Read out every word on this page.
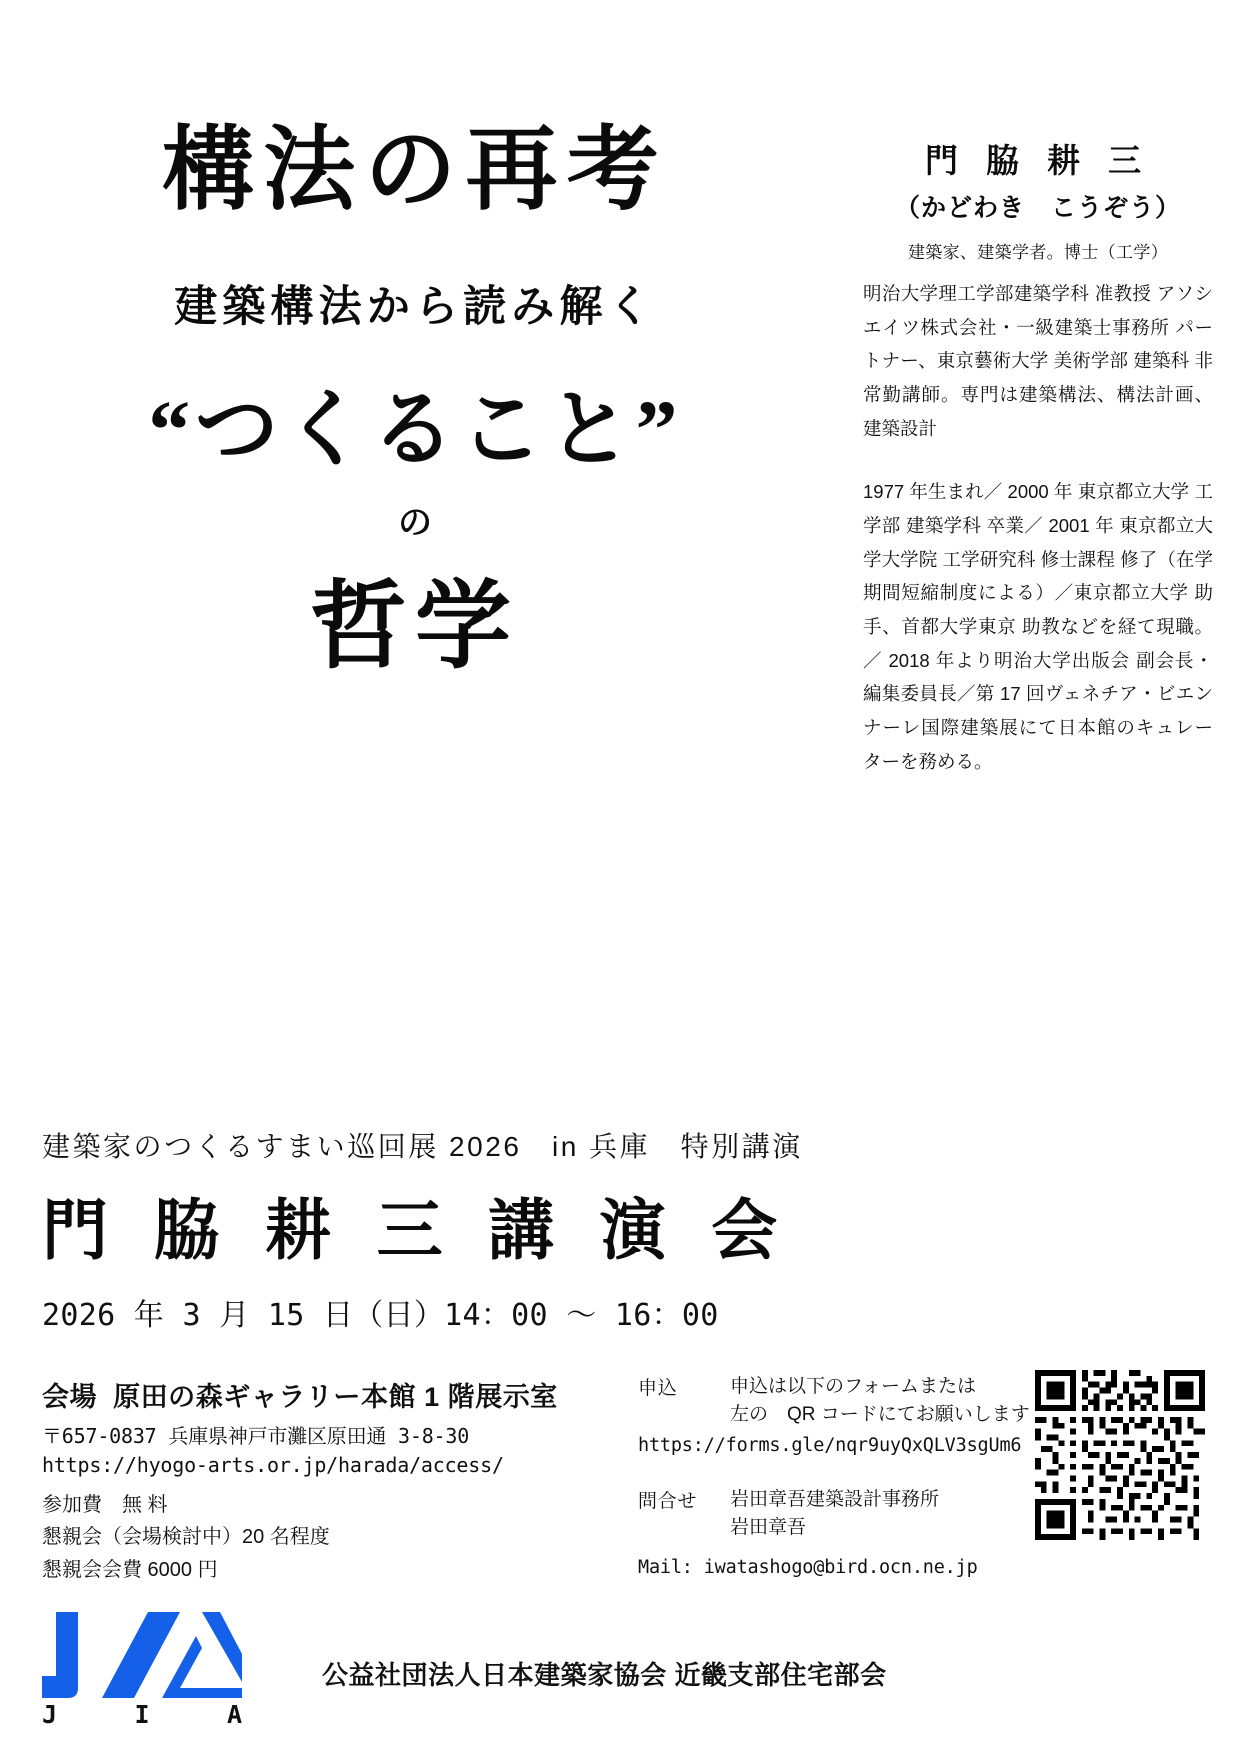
構法の再考
建築構法から読み解く
“つくること”
の
哲学
門 脇 耕 三
（かどわき　こうぞう）
建築家、建築学者。博士（工学）
明治大学理工学部建築学科 准教授 アソシエイツ株式会社・一級建築士事務所 パートナー、東京藝術大学 美術学部 建築科 非常勤講師。専門は建築構法、構法計画、建築設計
1977 年生まれ／ 2000 年 東京都立大学 工学部 建築学科 卒業／ 2001 年 東京都立大学大学院 工学研究科 修士課程 修了（在学期間短縮制度による）／東京都立大学 助手、首都大学東京 助教などを経て現職。／ 2018 年より明治大学出版会 副会長・編集委員長／第 17 回ヴェネチア・ビエンナーレ国際建築展にて日本館のキュレーターを務める。
建築家のつくるすまい巡回展 2026　in 兵庫　特別講演
門 脇 耕 三 講 演 会
2026 年 3 月 15 日（日）14：00 〜 16：00
会場 原田の森ギャラリー本館 1 階展示室
〒657-0837 兵庫県神戸市灘区原田通 3-8-30
https://hyogo-arts.or.jp/harada/access/
参加費　無 料
懇親会（会場検討中）20 名程度
懇親会会費 6000 円
申込	申込は以下のフォームまたは
左の　QR コードにてお願いします
https://forms.gle/nqr9uyQxQLV3sgUm6
問合せ	岩田章吾建築設計事務所
岩田章吾
Mail: iwatashogo@bird.ocn.ne.jp
J	I	A
公益社団法人日本建築家協会 近畿支部住宅部会
